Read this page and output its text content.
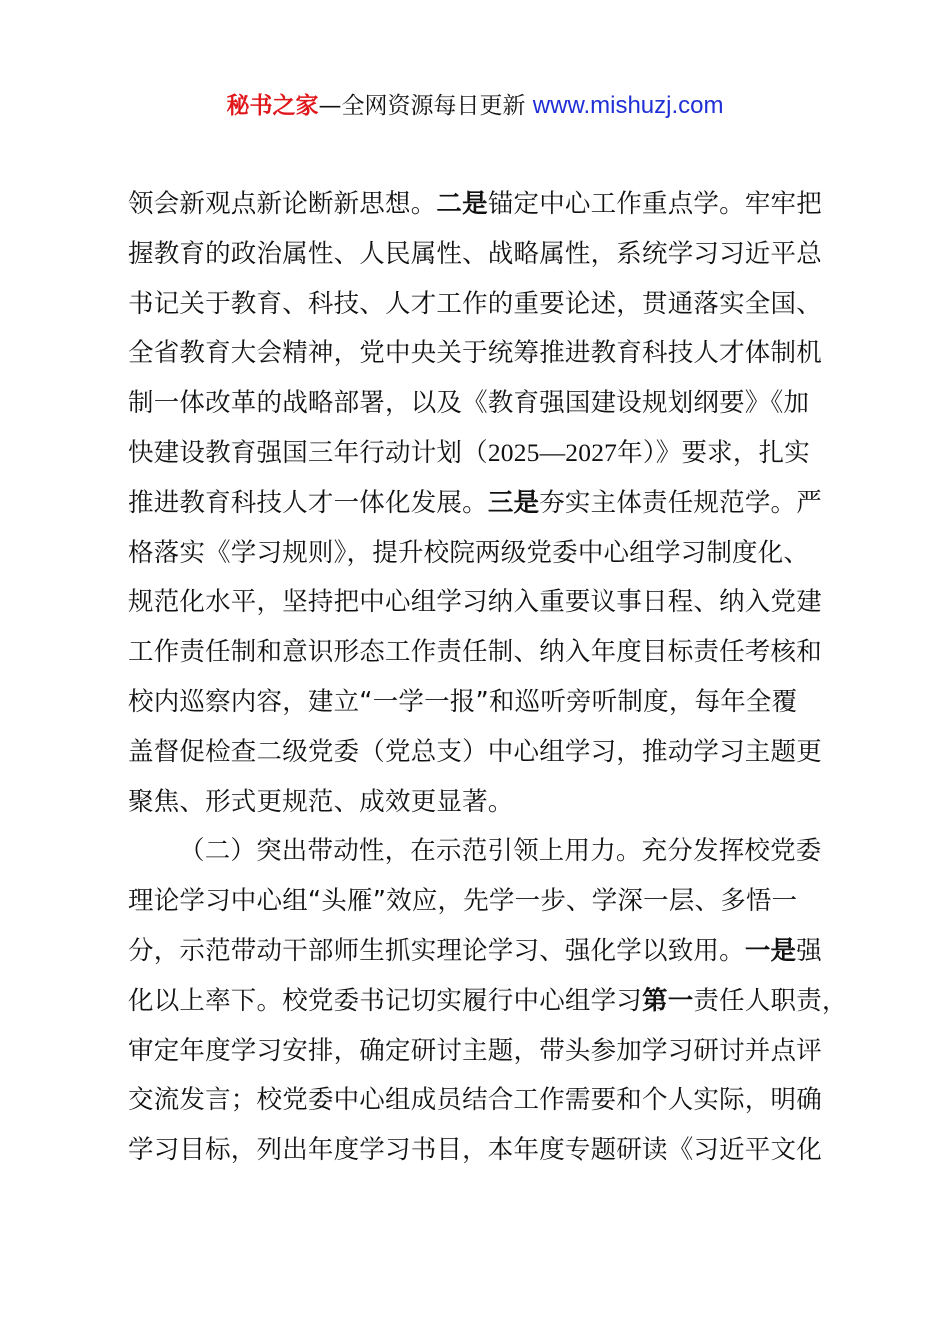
秘书之家—全网资源每日更新 www.mishuzj.com
领会新观点新论断新思想。二是锚定中心工作重点学。牢牢把
握教育的政治属性、人民属性、战略属性，系统学习习近平总
书记关于教育、科技、人才工作的重要论述，贯通落实全国、
全省教育大会精神，党中央关于统筹推进教育科技人才体制机
制一体改革的战略部署，以及《教育强国建设规划纲要》《加
快建设教育强国三年行动计划（2025—2027年）》要求，扎实
推进教育科技人才一体化发展。三是夯实主体责任规范学。严
格落实《学习规则》，提升校院两级党委中心组学习制度化、
规范化水平，坚持把中心组学习纳入重要议事日程、纳入党建
工作责任制和意识形态工作责任制、纳入年度目标责任考核和
校内巡察内容，建立“一学一报”和巡听旁听制度，每年全覆
盖督促检查二级党委（党总支）中心组学习，推动学习主题更
聚焦、形式更规范、成效更显著。
（二）突出带动性，在示范引领上用力。充分发挥校党委
理论学习中心组“头雁”效应，先学一步、学深一层、多悟一
分，示范带动干部师生抓实理论学习、强化学以致用。一是强
化以上率下。校党委书记切实履行中心组学习第一责任人职责，
审定年度学习安排，确定研讨主题，带头参加学习研讨并点评
交流发言；校党委中心组成员结合工作需要和个人实际，明确
学习目标，列出年度学习书目，本年度专题研读《习近平文化
